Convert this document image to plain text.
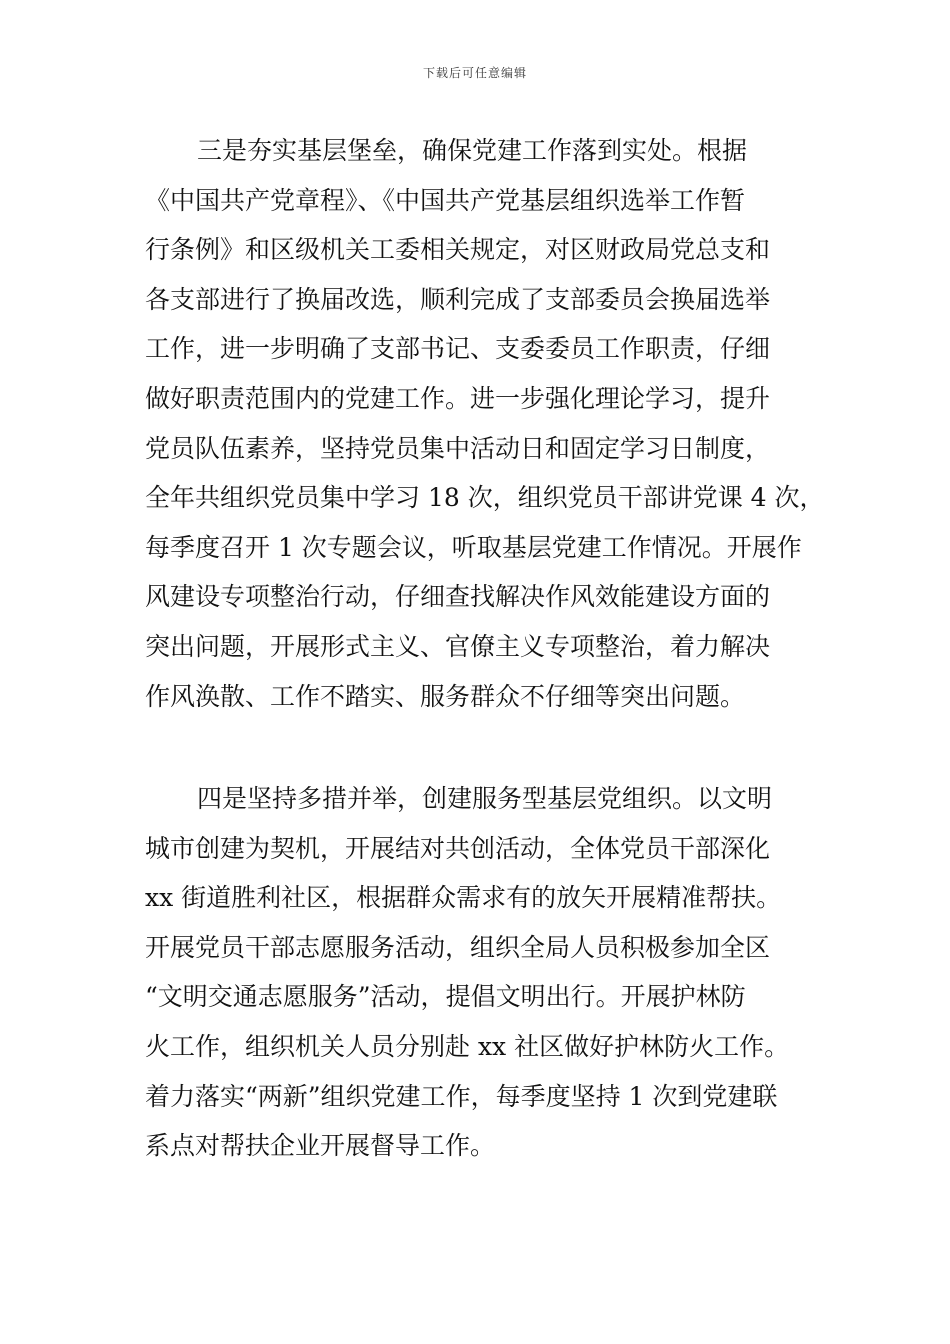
下载后可任意编辑
三是夯实基层堡垒，确保党建工作落到实处。根据
《中国共产党章程》、《中国共产党基层组织选举工作暂
行条例》和区级机关工委相关规定，对区财政局党总支和
各支部进行了换届改选，顺利完成了支部委员会换届选举
工作，进一步明确了支部书记、支委委员工作职责，仔细
做好职责范围内的党建工作。进一步强化理论学习，提升
党员队伍素养，坚持党员集中活动日和固定学习日制度，
全年共组织党员集中学习 18 次，组织党员干部讲党课 4 次，
每季度召开 1 次专题会议，听取基层党建工作情况。开展作
风建设专项整治行动，仔细查找解决作风效能建设方面的
突出问题，开展形式主义、官僚主义专项整治，着力解决
作风涣散、工作不踏实、服务群众不仔细等突出问题。
四是坚持多措并举，创建服务型基层党组织。以文明
城市创建为契机，开展结对共创活动，全体党员干部深化
xx 街道胜利社区，根据群众需求有的放矢开展精准帮扶。
开展党员干部志愿服务活动，组织全局人员积极参加全区
“文明交通志愿服务”活动，提倡文明出行。开展护林防
火工作，组织机关人员分别赴 xx 社区做好护林防火工作。
着力落实“两新”组织党建工作，每季度坚持 1 次到党建联
系点对帮扶企业开展督导工作。
